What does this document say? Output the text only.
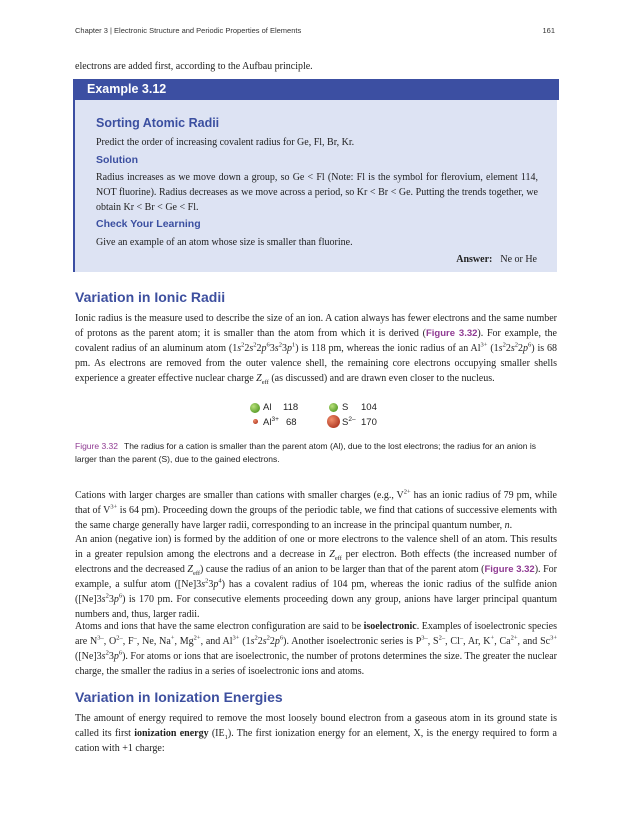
Chapter 3 | Electronic Structure and Periodic Properties of Elements	161
electrons are added first, according to the Aufbau principle.
Example 3.12
Sorting Atomic Radii
Predict the order of increasing covalent radius for Ge, Fl, Br, Kr.
Solution
Radius increases as we move down a group, so Ge < Fl (Note: Fl is the symbol for flerovium, element 114, NOT fluorine). Radius decreases as we move across a period, so Kr < Br < Ge. Putting the trends together, we obtain Kr < Br < Ge < Fl.
Check Your Learning
Give an example of an atom whose size is smaller than fluorine.
Answer: Ne or He
Variation in Ionic Radii
Ionic radius is the measure used to describe the size of an ion. A cation always has fewer electrons and the same number of protons as the parent atom; it is smaller than the atom from which it is derived (Figure 3.32). For example, the covalent radius of an aluminum atom $(1s^22s^22p^63s^23p^1)$ is 118 pm, whereas the ionic radius of an $Al^{3+}$ $(1s^22s^22p^6)$ is 68 pm. As electrons are removed from the outer valence shell, the remaining core electrons occupying smaller shells experience a greater effective nuclear charge $Z_{eff}$ (as discussed) and are drawn even closer to the nucleus.
Al 118
$Al^{3+}$ 68
S 104
$S^{2-}$ 170
Figure 3.32 The radius for a cation is smaller than the parent atom (Al), due to the lost electrons; the radius for an anion is larger than the parent (S), due to the gained electrons.
Cations with larger charges are smaller than cations with smaller charges (e.g., $V^{2+}$ has an ionic radius of 79 pm, while that of $V^{3+}$ is 64 pm). Proceeding down the groups of the periodic table, we find that cations of successive elements with the same charge generally have larger radii, corresponding to an increase in the principal quantum number, n.
An anion (negative ion) is formed by the addition of one or more electrons to the valence shell of an atom. This results in a greater repulsion among the electrons and a decrease in $Z_{eff}$ per electron. Both effects (the increased number of electrons and the decreased $Z_{eff}$) cause the radius of an anion to be larger than that of the parent atom (Figure 3.32). For example, a sulfur atom $([Ne]3s^23p^4)$ has a covalent radius of 104 pm, whereas the ionic radius of the sulfide anion $([Ne]3s^23p^6)$ is 170 pm. For consecutive elements proceeding down any group, anions have larger principal quantum numbers and, thus, larger radii.
Atoms and ions that have the same electron configuration are said to be isoelectronic. Examples of isoelectronic species are $N^{3-}$, $O^{2-}$, F–, Ne, Na+, $Mg^{2+}$, and $Al^{3+}$ $(1s^22s^22p^6)$. Another isoelectronic series is $P^{3-}$, $S^{2-}$, Cl–, Ar, K+, $Ca^{2+}$, and $Sc^{3+}$ $([Ne]3s^23p^6)$. For atoms or ions that are isoelectronic, the number of protons determines the size. The greater the nuclear charge, the smaller the radius in a series of isoelectronic ions and atoms.
Variation in Ionization Energies
The amount of energy required to remove the most loosely bound electron from a gaseous atom in its ground state is called its first ionization energy $(IE_1)$. The first ionization energy for an element, X, is the energy required to form a cation with +1 charge:
